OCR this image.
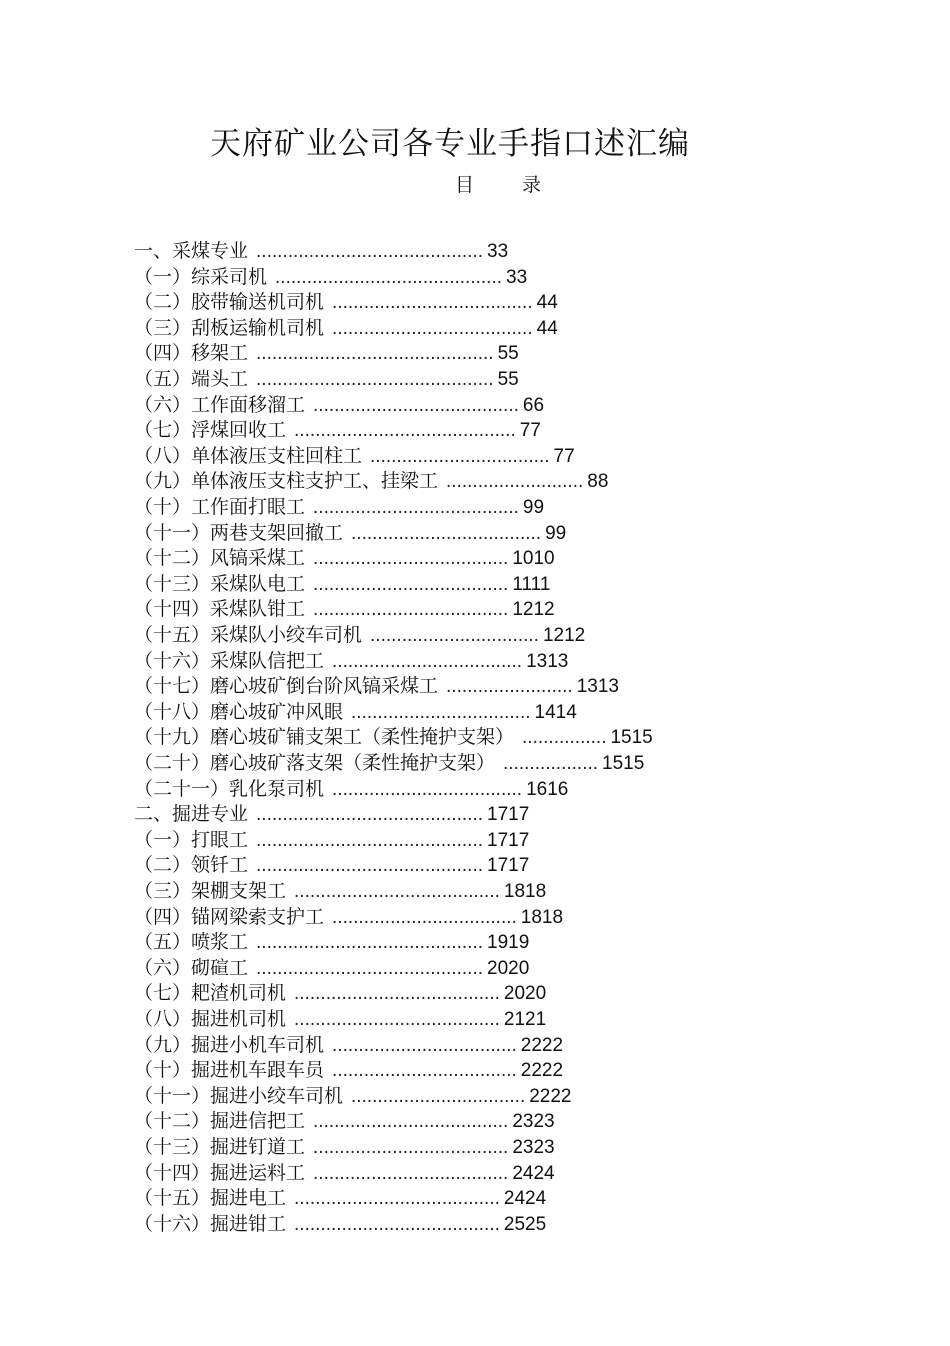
天府矿业公司各专业手指口述汇编
目	录
一、采煤专业 ........................................... 33
（一）综采司机 ........................................... 33
（二）胶带输送机司机 ...................................... 44
（三）刮板运输机司机 ...................................... 44
（四）移架工 ............................................. 55
（五）端头工 ............................................. 55
（六）工作面移溜工 ....................................... 66
（七）浮煤回收工 .......................................... 77
（八）单体液压支柱回柱工 .................................. 77
（九）单体液压支柱支护工、挂梁工 .......................... 88
（十）工作面打眼工 ....................................... 99
（十一）两巷支架回撤工 .................................... 99
（十二）风镐采煤工 ..................................... 1010
（十三）采煤队电工 ..................................... 1111
（十四）采煤队钳工 ..................................... 1212
（十五）采煤队小绞车司机 ................................ 1212
（十六）采煤队信把工 .................................... 1313
（十七）磨心坡矿倒台阶风镐采煤工 ........................ 1313
（十八）磨心坡矿冲风眼 .................................. 1414
（十九）磨心坡矿铺支架工（柔性掩护支架） ................ 1515
（二十）磨心坡矿落支架（柔性掩护支架） .................. 1515
（二十一）乳化泵司机 .................................... 1616
二、掘进专业 ........................................... 1717
（一）打眼工 ........................................... 1717
（二）领钎工 ........................................... 1717
（三）架棚支架工 ....................................... 1818
（四）锚网梁索支护工 ................................... 1818
（五）喷浆工 ........................................... 1919
（六）砌碹工 ........................................... 2020
（七）耙渣机司机 ....................................... 2020
（八）掘进机司机 ....................................... 2121
（九）掘进小机车司机 ................................... 2222
（十）掘进机车跟车员 ................................... 2222
（十一）掘进小绞车司机 ................................. 2222
（十二）掘进信把工 ..................................... 2323
（十三）掘进钉道工 ..................................... 2323
（十四）掘进运料工 ..................................... 2424
（十五）掘进电工 ....................................... 2424
（十六）掘进钳工 ....................................... 2525
